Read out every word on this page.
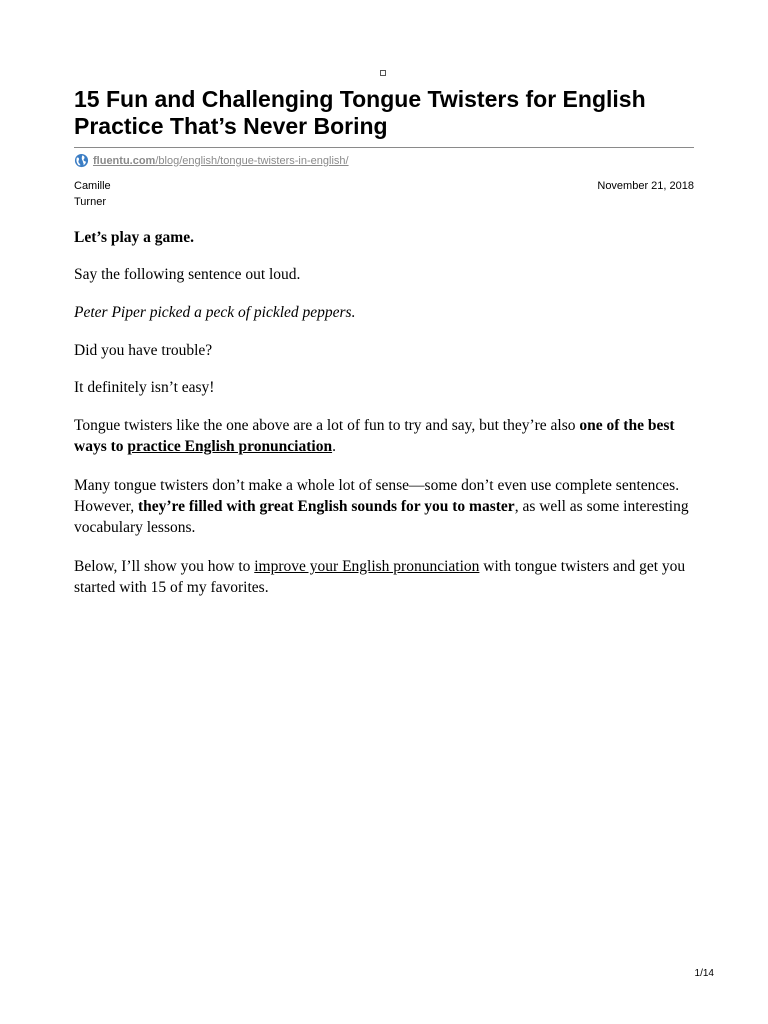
15 Fun and Challenging Tongue Twisters for English Practice That’s Never Boring
fluentu.com/blog/english/tongue-twisters-in-english/
Camille Turner
November 21, 2018

Let’s play a game.

Say the following sentence out loud.

Peter Piper picked a peck of pickled peppers.

Did you have trouble?

It definitely isn’t easy!

Tongue twisters like the one above are a lot of fun to try and say, but they’re also one of the best ways to practice English pronunciation.

Many tongue twisters don’t make a whole lot of sense—some don’t even use complete sentences. However, they’re filled with great English sounds for you to master, as well as some interesting vocabulary lessons.

Below, I’ll show you how to improve your English pronunciation with tongue twisters and get you started with 15 of my favorites.

1/14
